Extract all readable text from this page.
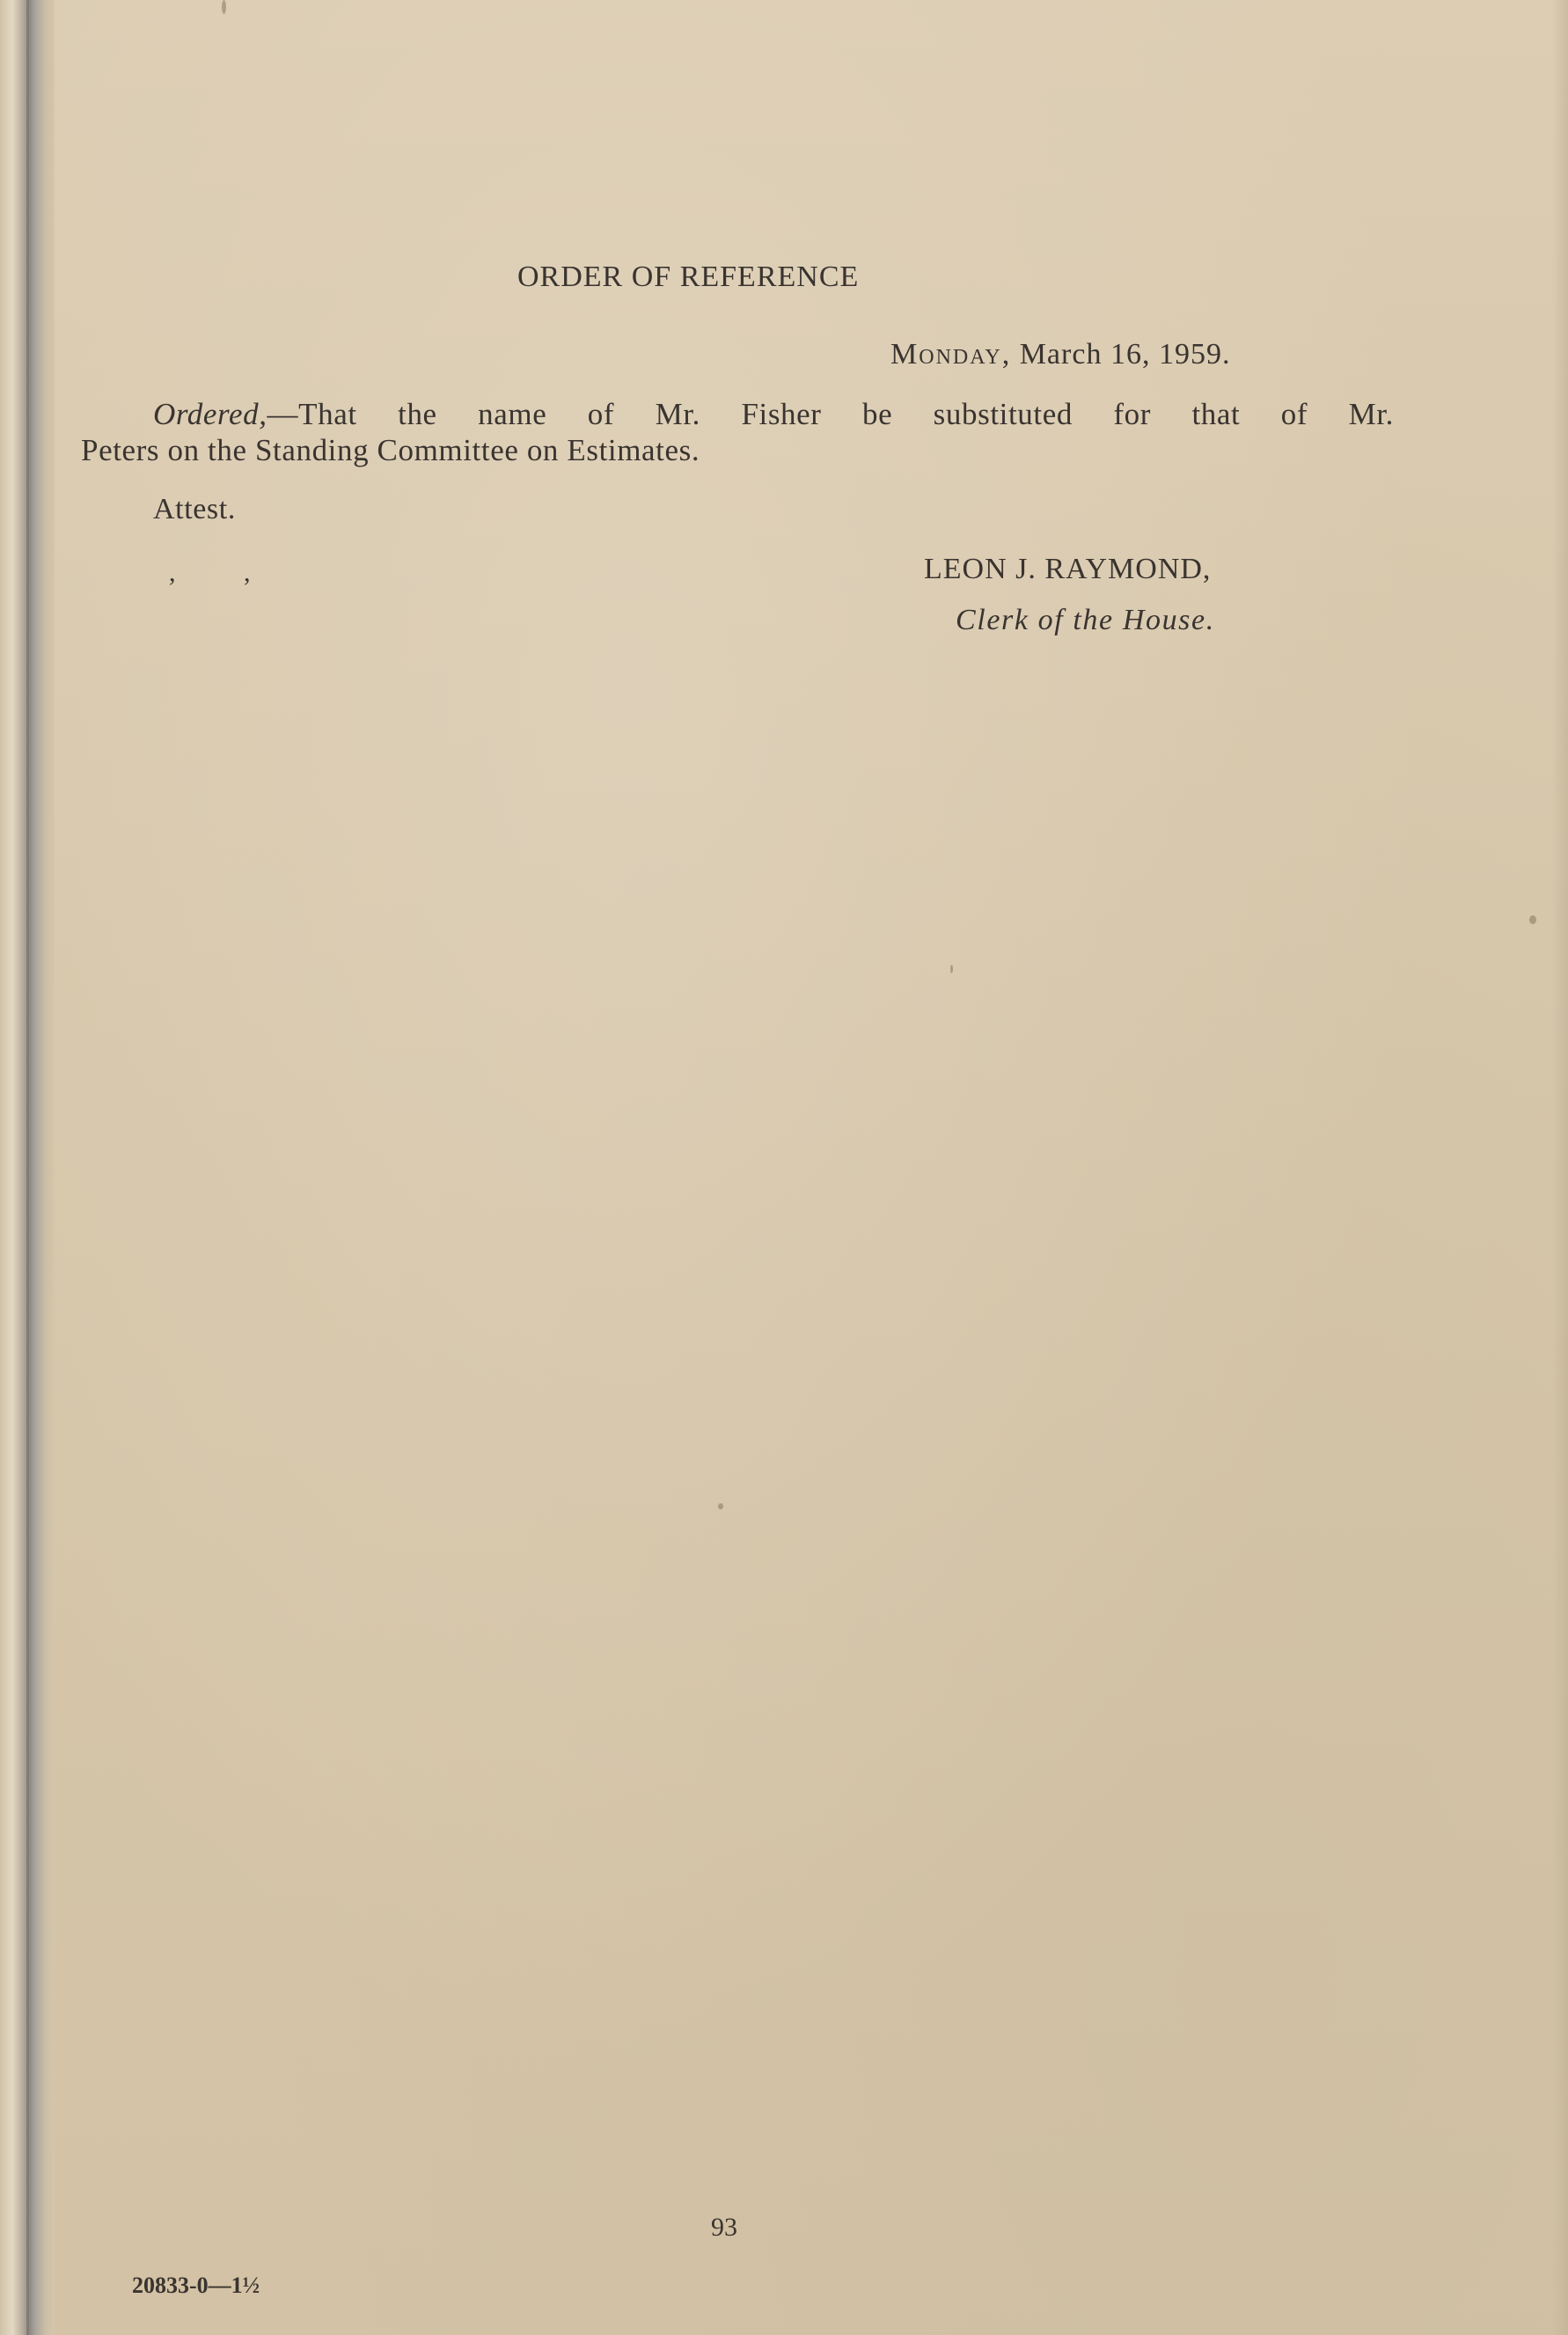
ORDER OF REFERENCE
Monday, March 16, 1959.
Ordered,—That the name of Mr. Fisher be substituted for that of Mr.
Peters on the Standing Committee on Estimates.
Attest.
, ,	LEON J. RAYMOND,
Clerk of the House.
93
20833-0—1½
